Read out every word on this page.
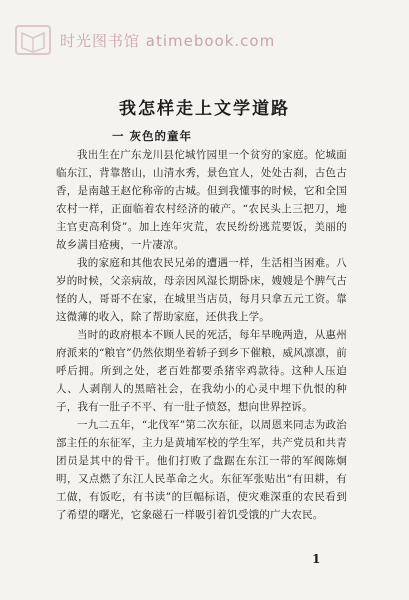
时光图书馆 atimebook.com
我怎样走上文学道路
一 灰色的童年

我出生在广东龙川县佗城竹园里一个贫穷的家庭。佗城面临东江，背靠嶅山，山清水秀，景色宜人，处处古刹，古色古香，是南越王赵佗称帝的古城。但到我懂事的时候，它和全国农村一样，正面临着农村经济的破产。“农民头上三把刀，地主官吏高利贷”。加上连年灾荒，农民纷纷逃荒要饭，美丽的故乡满目疮痍，一片凄凉。

我的家庭和其他农民兄弟的遭遇一样，生活相当困难。八岁的时候，父亲病故，母亲因风湿长期卧床，嫂嫂是个脾气古怪的人，哥哥不在家，在城里当店员，每月只拿五元工资。靠这微薄的收入，除了帮助家庭，还供我上学。

当时的政府根本不顾人民的死活，每年旱晚两造，从惠州府派来的“粮官”仍然依期坐着轿子到乡下催粮，威风凛凛，前呼后拥。所到之处，老百姓都要杀猪宰鸡款待。这种人压迫人、人剥削人的黑暗社会，在我幼小的心灵中埋下仇恨的种子，我有一肚子不平、有一肚子愤怒，想向世界控诉。

一九二五年，“北伐军”第二次东征，以周恩来同志为政治部主任的东征军，主力是黄埔军校的学生军，共产党员和共青团员是其中的骨干。他们打败了盘踞在东江一带的军阀陈炯明，又点燃了东江人民革命之火。东征军张贴出“有田耕，有工做，有饭吃，有书读”的巨幅标语，使灾难深重的农民看到了希望的曙光，它象磁石一样吸引着饥受饿的广大农民。

1
